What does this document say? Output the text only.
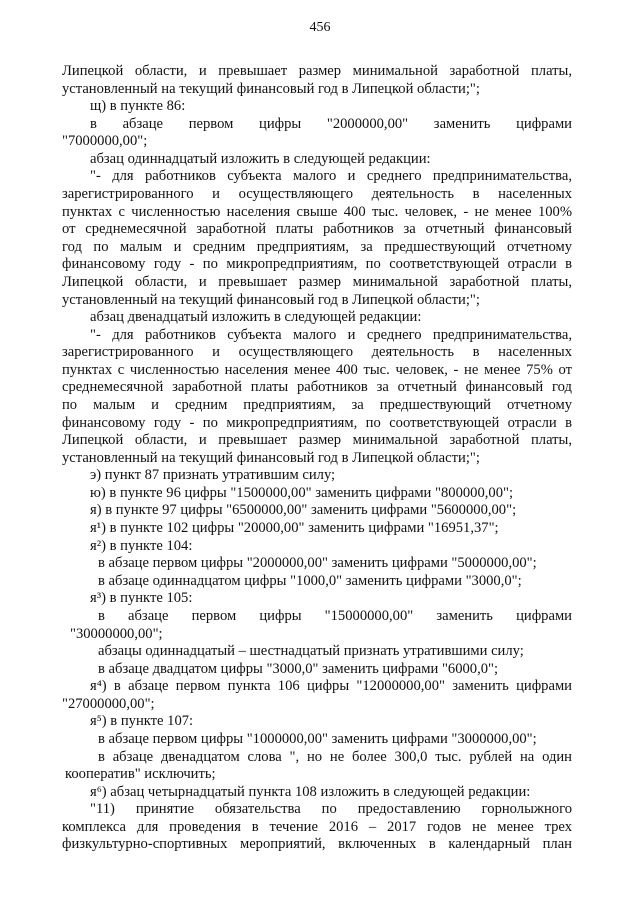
456
Липецкой области, и превышает размер минимальной заработной платы,
установленный на текущий финансовый год в Липецкой области;";
щ) в пункте 86:
в абзаце первом цифры "2000000,00" заменить цифрами
"7000000,00";
абзац одиннадцатый изложить в следующей редакции:
"- для работников субъекта малого и среднего предпринимательства,
зарегистрированного и осуществляющего деятельность в населенных
пунктах с численностью населения свыше 400 тыс. человек, - не менее 100%
от среднемесячной заработной платы работников за отчетный финансовый
год по малым и средним предприятиям, за предшествующий отчетному
финансовому году - по микропредприятиям, по соответствующей отрасли в
Липецкой области, и превышает размер минимальной заработной платы,
установленный на текущий финансовый год в Липецкой области;";
абзац двенадцатый изложить в следующей редакции:
"- для работников субъекта малого и среднего предпринимательства,
зарегистрированного и осуществляющего деятельность в населенных
пунктах с численностью населения менее 400 тыс. человек, - не менее 75% от
среднемесячной заработной платы работников за отчетный финансовый год
по малым и средним предприятиям, за предшествующий отчетному
финансовому году - по микропредприятиям, по соответствующей отрасли в
Липецкой области, и превышает размер минимальной заработной платы,
установленный на текущий финансовый год в Липецкой области;";
э) пункт 87 признать утратившим силу;
ю) в пункте 96 цифры "1500000,00" заменить цифрами "800000,00";
я) в пункте 97 цифры "6500000,00" заменить цифрами "5600000,00";
я¹) в пункте 102 цифры "20000,00" заменить цифрами "16951,37";
я²) в пункте 104:
в абзаце первом цифры "2000000,00" заменить цифрами "5000000,00";
в абзаце одиннадцатом цифры "1000,0" заменить цифрами "3000,0";
я³) в пункте 105:
в абзаце первом цифры "15000000,00" заменить цифрами
"30000000,00";
абзацы одиннадцатый – шестнадцатый признать утратившими силу;
в абзаце двадцатом цифры "3000,0" заменить цифрами "6000,0";
я⁴) в абзаце первом пункта 106 цифры "12000000,00" заменить цифрами
"27000000,00";
я⁵) в пункте 107:
в абзаце первом цифры "1000000,00" заменить цифрами "3000000,00";
в абзаце двенадцатом слова ", но не более 300,0 тыс. рублей на один
кооператив" исключить;
я⁶) абзац четырнадцатый пункта 108 изложить в следующей редакции:
"11) принятие обязательства по предоставлению горнолыжного
комплекса для проведения в течение 2016 – 2017 годов не менее трех
физкультурно-спортивных мероприятий, включенных в календарный план
